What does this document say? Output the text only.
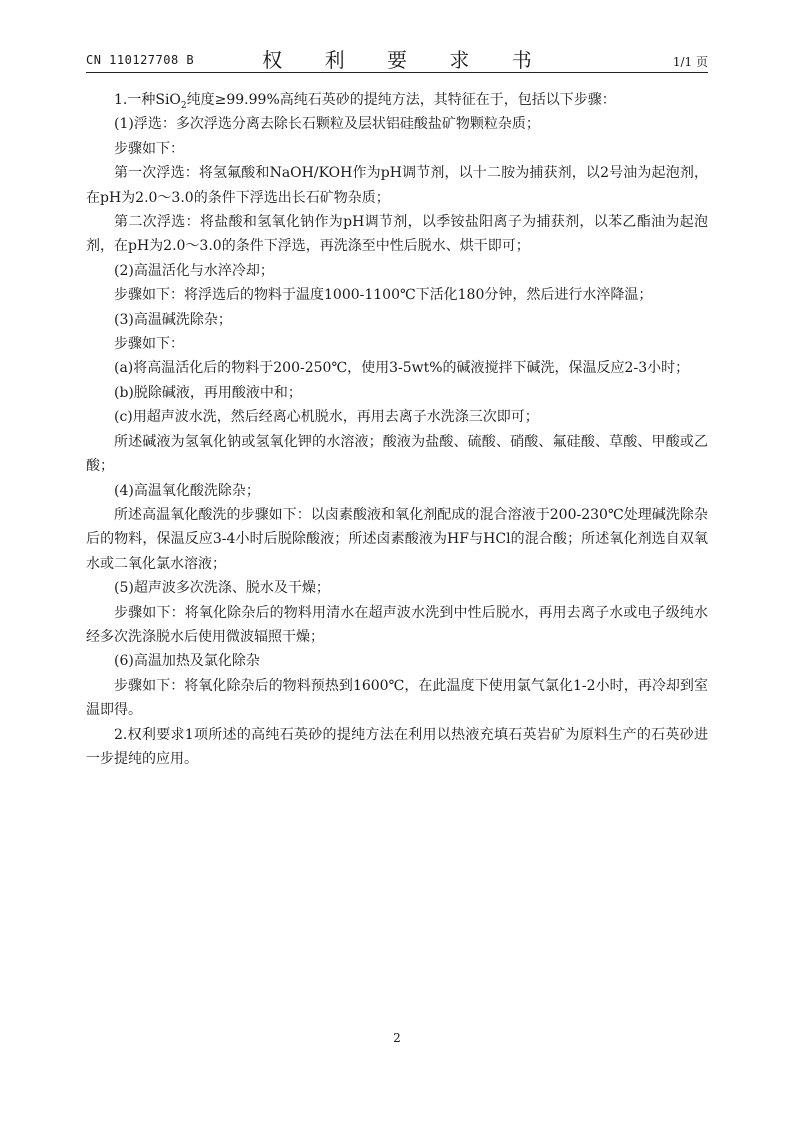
CN 110127708 B	权 利 要 求 书	1/1 页

1.一种SiO$_2$纯度≥99.99%高纯石英砂的提纯方法，其特征在于，包括以下步骤：

(1)浮选：多次浮选分离去除长石颗粒及层状铝硅酸盐矿物颗粒杂质；

步骤如下：

第一次浮选：将氢氟酸和NaOH/KOH作为pH调节剂，以十二胺为捕获剂，以2号油为起泡剂，在pH为2.0～3.0的条件下浮选出长石矿物杂质；

第二次浮选：将盐酸和氢氧化钠作为pH调节剂，以季铵盐阳离子为捕获剂，以苯乙酯油为起泡剂，在pH为2.0～3.0的条件下浮选，再洗涤至中性后脱水、烘干即可；

(2)高温活化与水淬冷却；

步骤如下：将浮选后的物料于温度1000-1100℃下活化180分钟，然后进行水淬降温；

(3)高温碱洗除杂；

步骤如下：

(a)将高温活化后的物料于200-250℃，使用3-5wt%的碱液搅拌下碱洗，保温反应2-3小时；

(b)脱除碱液，再用酸液中和；

(c)用超声波水洗，然后经离心机脱水，再用去离子水洗涤三次即可；

所述碱液为氢氧化钠或氢氧化钾的水溶液；酸液为盐酸、硫酸、硝酸、氟硅酸、草酸、甲酸或乙酸；

(4)高温氧化酸洗除杂；

所述高温氧化酸洗的步骤如下：以卤素酸液和氧化剂配成的混合溶液于200-230℃处理碱洗除杂后的物料，保温反应3-4小时后脱除酸液；所述卤素酸液为HF与HCl的混合酸；所述氧化剂选自双氧水或二氧化氯水溶液；

(5)超声波多次洗涤、脱水及干燥；

步骤如下：将氧化除杂后的物料用清水在超声波水洗到中性后脱水，再用去离子水或电子级纯水经多次洗涤脱水后使用微波辐照干燥；

(6)高温加热及氯化除杂

步骤如下：将氧化除杂后的物料预热到1600℃，在此温度下使用氯气氯化1-2小时，再冷却到室温即得。

2.权利要求1项所述的高纯石英砂的提纯方法在利用以热液充填石英岩矿为原料生产的石英砂进一步提纯的应用。

2
